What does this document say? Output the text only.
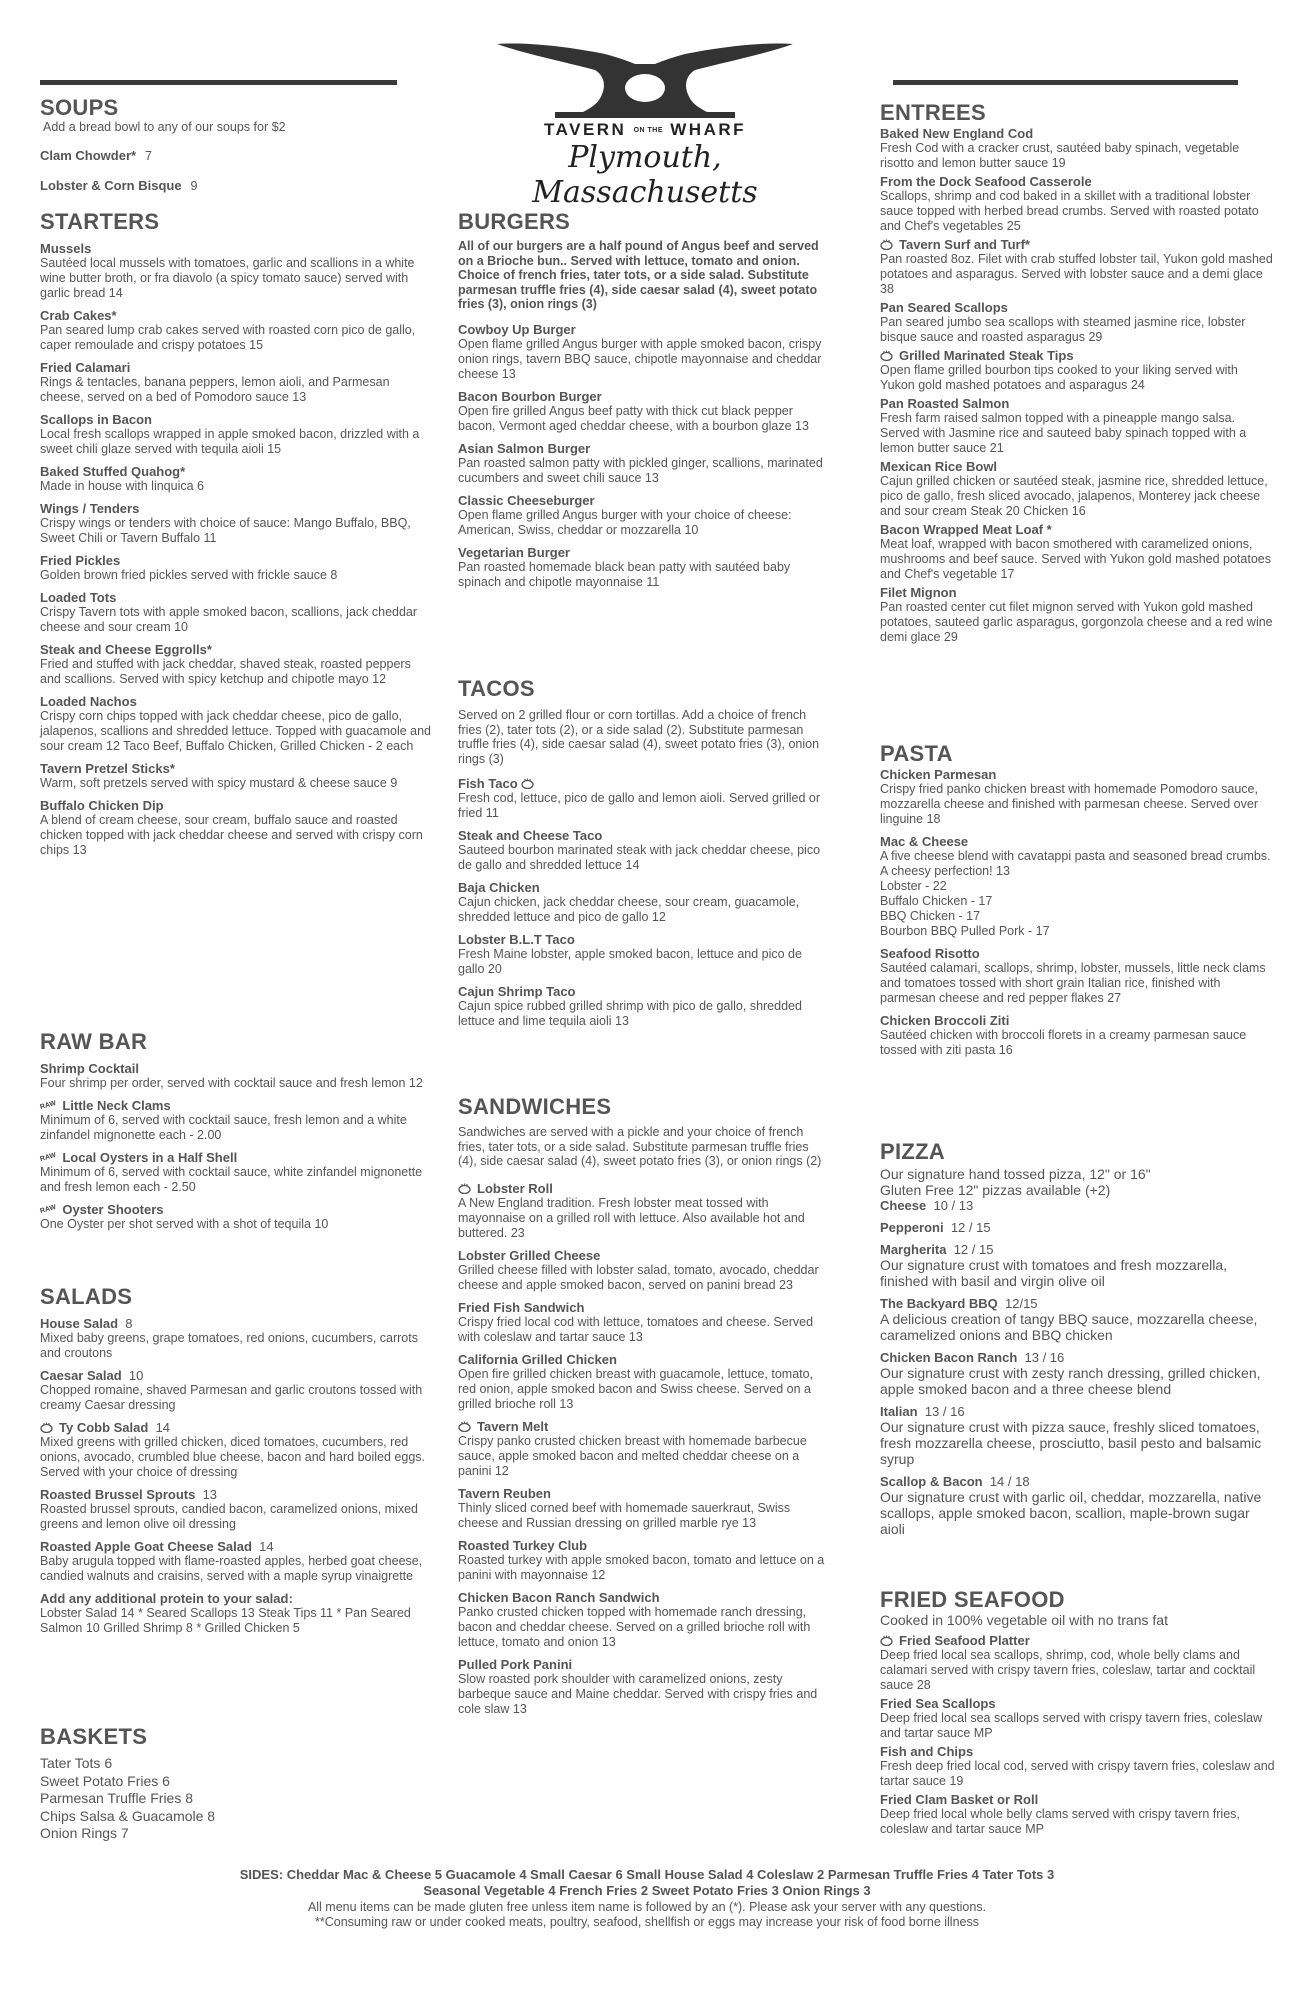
TAVERN ON THE WHARF
Plymouth, Massachusetts
SOUPS
Add a bread bowl to any of our soups for $2
Clam Chowder* 7
Lobster & Corn Bisque 9
STARTERS
Mussels
Sautéed local mussels with tomatoes, garlic and scallions in a white wine butter broth, or fra diavolo (a spicy tomato sauce) served with garlic bread 14
Crab Cakes*
Pan seared lump crab cakes served with roasted corn pico de gallo, caper remoulade and crispy potatoes 15
Fried Calamari
Rings & tentacles, banana peppers, lemon aioli, and Parmesan cheese, served on a bed of Pomodoro sauce 13
Scallops in Bacon
Local fresh scallops wrapped in apple smoked bacon, drizzled with a sweet chili glaze served with tequila aioli 15
Baked Stuffed Quahog*
Made in house with linquica 6
Wings / Tenders
Crispy wings or tenders with choice of sauce: Mango Buffalo, BBQ, Sweet Chili or Tavern Buffalo 11
Fried Pickles
Golden brown fried pickles served with frickle sauce 8
Loaded Tots
Crispy Tavern tots with apple smoked bacon, scallions, jack cheddar cheese and sour cream 10
Steak and Cheese Eggrolls*
Fried and stuffed with jack cheddar, shaved steak, roasted peppers and scallions. Served with spicy ketchup and chipotle mayo 12
Loaded Nachos
Crispy corn chips topped with jack cheddar cheese, pico de gallo, jalapenos, scallions and shredded lettuce. Topped with guacamole and sour cream 12 Taco Beef, Buffalo Chicken, Grilled Chicken - 2 each
Tavern Pretzel Sticks*
Warm, soft pretzels served with spicy mustard & cheese sauce 9
Buffalo Chicken Dip
A blend of cream cheese, sour cream, buffalo sauce and roasted chicken topped with jack cheddar cheese and served with crispy corn chips 13
RAW BAR
Shrimp Cocktail
Four shrimp per order, served with cocktail sauce and fresh lemon 12
RAW Little Neck Clams
Minimum of 6, served with cocktail sauce, fresh lemon and a white zinfandel mignonette each - 2.00
RAW Local Oysters in a Half Shell
Minimum of 6, served with cocktail sauce, white zinfandel mignonette and fresh lemon each - 2.50
RAW Oyster Shooters
One Oyster per shot served with a shot of tequila 10
SALADS
House Salad 8
Mixed baby greens, grape tomatoes, red onions, cucumbers, carrots and croutons
Caesar Salad 10
Chopped romaine, shaved Parmesan and garlic croutons tossed with creamy Caesar dressing
Ty Cobb Salad 14
Mixed greens with grilled chicken, diced tomatoes, cucumbers, red onions, avocado, crumbled blue cheese, bacon and hard boiled eggs. Served with your choice of dressing
Roasted Brussel Sprouts 13
Roasted brussel sprouts, candied bacon, caramelized onions, mixed greens and lemon olive oil dressing
Roasted Apple Goat Cheese Salad 14
Baby arugula topped with flame-roasted apples, herbed goat cheese, candied walnuts and craisins, served with a maple syrup vinaigrette
Add any additional protein to your salad:
Lobster Salad 14 * Seared Scallops 13 Steak Tips 11 * Pan Seared Salmon 10 Grilled Shrimp 8 * Grilled Chicken 5
BASKETS
Tater Tots 6
Sweet Potato Fries 6
Parmesan Truffle Fries 8
Chips Salsa & Guacamole 8
Onion Rings 7
BURGERS
All of our burgers are a half pound of Angus beef and served on a Brioche bun.. Served with lettuce, tomato and onion. Choice of french fries, tater tots, or a side salad. Substitute parmesan truffle fries (4), side caesar salad (4), sweet potato fries (3), onion rings (3)
Cowboy Up Burger
Open flame grilled Angus burger with apple smoked bacon, crispy onion rings, tavern BBQ sauce, chipotle mayonnaise and cheddar cheese 13
Bacon Bourbon Burger
Open fire grilled Angus beef patty with thick cut black pepper bacon, Vermont aged cheddar cheese, with a bourbon glaze 13
Asian Salmon Burger
Pan roasted salmon patty with pickled ginger, scallions, marinated cucumbers and sweet chili sauce 13
Classic Cheeseburger
Open flame grilled Angus burger with your choice of cheese: American, Swiss, cheddar or mozzarella 10
Vegetarian Burger
Pan roasted homemade black bean patty with sautéed baby spinach and chipotle mayonnaise 11
TACOS
Served on 2 grilled flour or corn tortillas. Add a choice of french fries (2), tater tots (2), or a side salad (2). Substitute parmesan truffle fries (4), side caesar salad (4), sweet potato fries (3), onion rings (3)
Fish Taco
Fresh cod, lettuce, pico de gallo and lemon aioli. Served grilled or fried 11
Steak and Cheese Taco
Sauteed bourbon marinated steak with jack cheddar cheese, pico de gallo and shredded lettuce 14
Baja Chicken
Cajun chicken, jack cheddar cheese, sour cream, guacamole, shredded lettuce and pico de gallo 12
Lobster B.L.T Taco
Fresh Maine lobster, apple smoked bacon, lettuce and pico de gallo 20
Cajun Shrimp Taco
Cajun spice rubbed grilled shrimp with pico de gallo, shredded lettuce and lime tequila aioli 13
SANDWICHES
Sandwiches are served with a pickle and your choice of french fries, tater tots, or a side salad. Substitute parmesan truffle fries (4), side caesar salad (4), sweet potato fries (3), or onion rings (2)
Lobster Roll
A New England tradition. Fresh lobster meat tossed with mayonnaise on a grilled roll with lettuce. Also available hot and buttered. 23
Lobster Grilled Cheese
Grilled cheese filled with lobster salad, tomato, avocado, cheddar cheese and apple smoked bacon, served on panini bread 23
Fried Fish Sandwich
Crispy fried local cod with lettuce, tomatoes and cheese. Served with coleslaw and tartar sauce 13
California Grilled Chicken
Open fire grilled chicken breast with guacamole, lettuce, tomato, red onion, apple smoked bacon and Swiss cheese. Served on a grilled brioche roll 13
Tavern Melt
Crispy panko crusted chicken breast with homemade barbecue sauce, apple smoked bacon and melted cheddar cheese on a panini 12
Tavern Reuben
Thinly sliced corned beef with homemade sauerkraut, Swiss cheese and Russian dressing on grilled marble rye 13
Roasted Turkey Club
Roasted turkey with apple smoked bacon, tomato and lettuce on a panini with mayonnaise 12
Chicken Bacon Ranch Sandwich
Panko crusted chicken topped with homemade ranch dressing, bacon and cheddar cheese. Served on a grilled brioche roll with lettuce, tomato and onion 13
Pulled Pork Panini
Slow roasted pork shoulder with caramelized onions, zesty barbeque sauce and Maine cheddar. Served with crispy fries and cole slaw 13
ENTREES
Baked New England Cod
Fresh Cod with a cracker crust, sautéed baby spinach, vegetable risotto and lemon butter sauce 19
From the Dock Seafood Casserole
Scallops, shrimp and cod baked in a skillet with a traditional lobster sauce topped with herbed bread crumbs. Served with roasted potato and Chef's vegetables 25
Tavern Surf and Turf*
Pan roasted 8oz. Filet with crab stuffed lobster tail, Yukon gold mashed potatoes and asparagus. Served with lobster sauce and a demi glace 38
Pan Seared Scallops
Pan seared jumbo sea scallops with steamed jasmine rice, lobster bisque sauce and roasted asparagus 29
Grilled Marinated Steak Tips
Open flame grilled bourbon tips cooked to your liking served with Yukon gold mashed potatoes and asparagus 24
Pan Roasted Salmon
Fresh farm raised salmon topped with a pineapple mango salsa. Served with Jasmine rice and sauteed baby spinach topped with a lemon butter sauce 21
Mexican Rice Bowl
Cajun grilled chicken or sautéed steak, jasmine rice, shredded lettuce, pico de gallo, fresh sliced avocado, jalapenos, Monterey jack cheese and sour cream Steak 20 Chicken 16
Bacon Wrapped Meat Loaf *
Meat loaf, wrapped with bacon smothered with caramelized onions, mushrooms and beef sauce. Served with Yukon gold mashed potatoes and Chef's vegetable 17
Filet Mignon
Pan roasted center cut filet mignon served with Yukon gold mashed potatoes, sauteed garlic asparagus, gorgonzola cheese and a red wine demi glace 29
PASTA
Chicken Parmesan
Crispy fried panko chicken breast with homemade Pomodoro sauce, mozzarella cheese and finished with parmesan cheese. Served over linguine 18
Mac & Cheese
A five cheese blend with cavatappi pasta and seasoned bread crumbs. A cheesy perfection! 13
Lobster - 22
Buffalo Chicken - 17
BBQ Chicken - 17
Bourbon BBQ Pulled Pork - 17
Seafood Risotto
Sautéed calamari, scallops, shrimp, lobster, mussels, little neck clams and tomatoes tossed with short grain Italian rice, finished with parmesan cheese and red pepper flakes 27
Chicken Broccoli Ziti
Sautéed chicken with broccoli florets in a creamy parmesan sauce tossed with ziti pasta 16
PIZZA
Our signature hand tossed pizza, 12" or 16" Gluten Free 12" pizzas available (+2)
Cheese 10 / 13
Pepperoni 12 / 15
Margherita 12 / 15
Our signature crust with tomatoes and fresh mozzarella, finished with basil and virgin olive oil
The Backyard BBQ 12/15
A delicious creation of tangy BBQ sauce, mozzarella cheese, caramelized onions and BBQ chicken
Chicken Bacon Ranch 13 / 16
Our signature crust with zesty ranch dressing, grilled chicken, apple smoked bacon and a three cheese blend
Italian 13 / 16
Our signature crust with pizza sauce, freshly sliced tomatoes, fresh mozzarella cheese, prosciutto, basil pesto and balsamic syrup
Scallop & Bacon 14 / 18
Our signature crust with garlic oil, cheddar, mozzarella, native scallops, apple smoked bacon, scallion, maple-brown sugar aioli
FRIED SEAFOOD
Cooked in 100% vegetable oil with no trans fat
Fried Seafood Platter
Deep fried local sea scallops, shrimp, cod, whole belly clams and calamari served with crispy tavern fries, coleslaw, tartar and cocktail sauce 28
Fried Sea Scallops
Deep fried local sea scallops served with crispy tavern fries, coleslaw and tartar sauce MP
Fish and Chips
Fresh deep fried local cod, served with crispy tavern fries, coleslaw and tartar sauce 19
Fried Clam Basket or Roll
Deep fried local whole belly clams served with crispy tavern fries, coleslaw and tartar sauce MP
SIDES: Cheddar Mac & Cheese 5 Guacamole 4 Small Caesar 6 Small House Salad 4 Coleslaw 2 Parmesan Truffle Fries 4 Tater Tots 3
Seasonal Vegetable 4 French Fries 2 Sweet Potato Fries 3 Onion Rings 3
All menu items can be made gluten free unless item name is followed by an (*). Please ask your server with any questions.
**Consuming raw or under cooked meats, poultry, seafood, shellfish or eggs may increase your risk of food borne illness
